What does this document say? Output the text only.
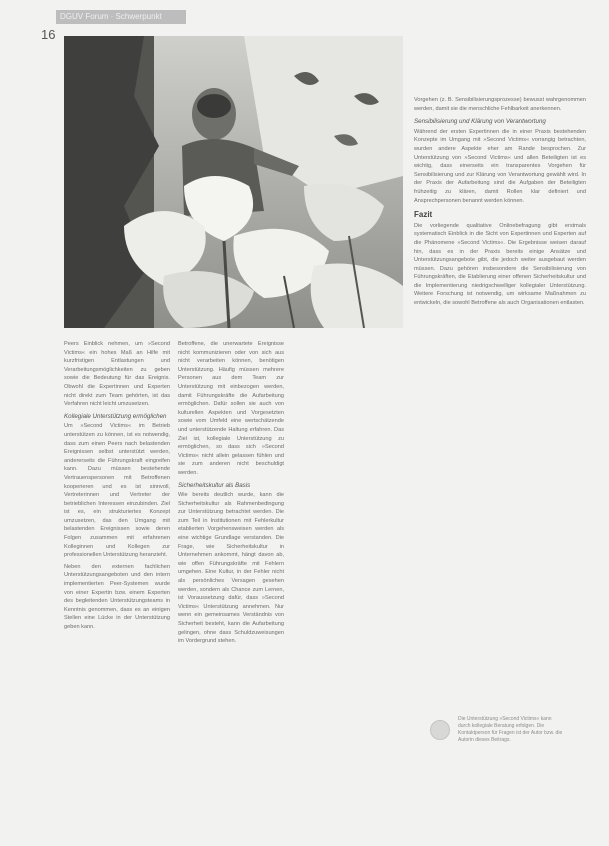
DGUV Forum · Schwerpunkt
16

Peers Einblick nehmen, um »Second Victims« ein hohes Maß an Hilfe mit kurzfristigen Entlastungen und Verarbeitungsmöglichkeiten zu geben sowie die Bedeutung für das Ereignis. Obwohl die Expertinnen und Experten nicht direkt zum Team gehörten, ist das Verfahren nicht leicht umzusetzen.

Kollegiale Unterstützung ermöglichen

Um »Second Victims« im Betrieb unterstützen zu können, ist es notwendig, dass zum einen Peers nach belastenden Ereignissen selbst unterstützt werden, andererseits die Führungskraft eingreifen kann. Dazu müssen bestehende Vertrauenspersonen mit Betroffenen kooperieren und es ist sinnvoll, Vertreterinnen und Vertreter der betrieblichen Interessen einzubinden. Ziel ist es, ein strukturiertes Konzept umzusetzen, das den Umgang mit belastenden Ereignissen sowie deren Folgen zusammen mit erfahrenen Kolleginnen und Kollegen zur professionellen Unterstützung heranzieht.

Neben den externen fachlichen Unterstützungsangeboten und den intern implementierten Peer-Systemen wurde von einer Expertin bzw. einem Experten des begleitenden Unterstützungsteams in Kenntnis genommen, dass es an einigen Stellen eine Lücke in der Unterstützung geben kann.

Betroffene, die unerwartete Ereignisse nicht kommunizieren oder von sich aus nicht verarbeiten können, benötigen Unterstützung. Häufig müssen mehrere Personen aus dem Team zur Unterstützung mit einbezogen werden, damit Führungskräfte die Aufarbeitung ermöglichen. Dafür sollen sie auch von kulturellen Aspekten und Vorgesetzten sowie vom Umfeld eine wertschätzende und unterstützende Haltung erfahren. Das Ziel ist, kollegiale Unterstützung zu ermöglichen, so dass sich »Second Victims« nicht allein gelassen fühlen und sie zum anderen nicht beschuldigt werden.

Sicherheitskultur als Basis

Wie bereits deutlich wurde, kann die Sicherheitskultur als Rahmenbedingung zur Unterstützung betrachtet werden. Die zum Teil in Institutionen mit Fehlerkultur etablierten Vorgehensweisen werden als eine wichtige Grundlage verstanden. Die Frage, wie Sicherheitskultur in Unternehmen ankommt, hängt davon ab, wie offen Führungskräfte mit Fehlern umgehen. Eine Kultur, in der Fehler nicht als persönliches Versagen gesehen werden, sondern als Chance zum Lernen, ist Voraussetzung dafür, dass »Second Victims« Unterstützung annehmen. Nur wenn ein gemeinsames Verständnis von Sicherheit besteht, kann die Aufarbeitung gelingen, ohne dass Schuldzuweisungen im Vordergrund stehen.

Vorgehen (z. B. Sensibilisierungsprozesse) bewusst wahrgenommen werden, damit sie die menschliche Fehlbarkeit anerkennen.

Sensibilisierung und Klärung von Verantwortung

Während der ersten Expertinnen die in einer Praxis bestehenden Konzepte im Umgang mit »Second Victims« vorrangig betrachten, wurden andere Aspekte eher am Rande besprochen. Zur Unterstützung von »Second Victims« und allen Beteiligten ist es wichtig, dass einerseits ein transparentes Vorgehen für Sensibilisierung und zur Klärung von Verantwortung gewählt wird. In der Praxis der Aufarbeitung sind die Aufgaben der Beteiligten frühzeitig zu klären, damit Rollen klar definiert und Ansprechpersonen benannt werden können.

Fazit

Die vorliegende qualitative Onlinebefragung gibt erstmals systematisch Einblick in die Sicht von Expertinnen und Experten auf die Phänomene »Second Victims«. Die Ergebnisse weisen darauf hin, dass es in der Praxis bereits einige Ansätze und Unterstützungsangebote gibt, die jedoch weiter ausgebaut werden müssen. Dazu gehören insbesondere die Sensibilisierung von Führungskräften, die Etablierung einer offenen Sicherheitskultur und die Implementierung niedrigschwelliger kollegialer Unterstützung. Weitere Forschung ist notwendig, um wirksame Maßnahmen zu entwickeln, die sowohl Betroffene als auch Organisationen entlasten.

Die Unterstützung »Second Victims« kann durch kollegiale Beratung erfolgen. Die Kontaktperson für Fragen ist der Autor bzw. die Autorin dieses Beitrags.
